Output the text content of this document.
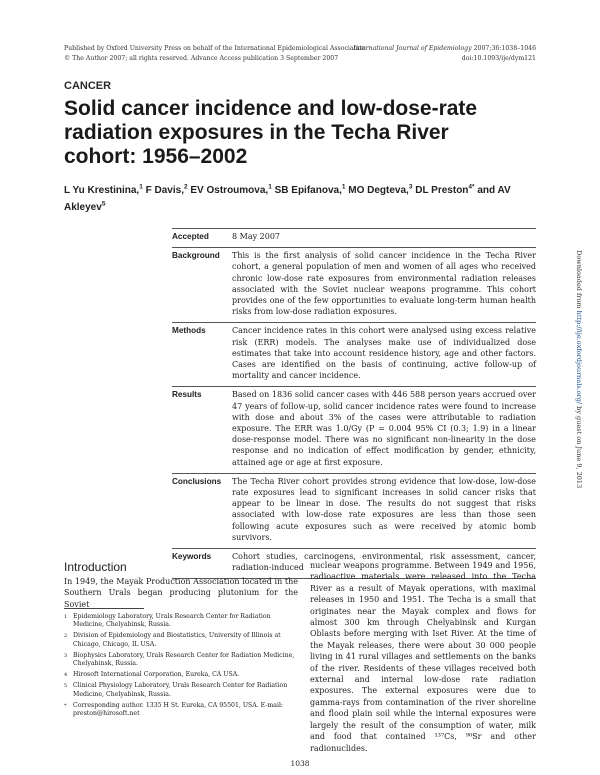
Published by Oxford University Press on behalf of the International Epidemiological Association
© The Author 2007; all rights reserved. Advance Access publication 3 September 2007
International Journal of Epidemiology 2007;36:1038–1046
doi:10.1093/ije/dym121
CANCER
Solid cancer incidence and low-dose-rate radiation exposures in the Techa River cohort: 1956–2002
L Yu Krestinina,$^1$ F Davis,$^2$ EV Ostroumova,$^1$ SB Epifanova,$^1$ MO Degteva,$^3$ DL Preston$^{4*}$ and AV Akleyev$^5$
Accepted	8 May 2007
Background	This is the first analysis of solid cancer incidence in the Techa River cohort, a general population of men and women of all ages who received chronic low-dose rate exposures from environmental radiation releases associated with the Soviet nuclear weapons programme. This cohort provides one of the few opportunities to evaluate long-term human health risks from low-dose radiation exposures.
Methods	Cancer incidence rates in this cohort were analysed using excess relative risk (ERR) models. The analyses make use of individualized dose estimates that take into account residence history, age and other factors. Cases are identified on the basis of continuing, active follow-up of mortality and cancer incidence.
Results	Based on 1836 solid cancer cases with 446 588 person years accrued over 47 years of follow-up, solid cancer incidence rates were found to increase with dose and about 3% of the cases were attributable to radiation exposure. The ERR was 1.0/Gy (P = 0.004 95% CI (0.3; 1.9) in a linear dose-response model. There was no significant non-linearity in the dose response and no indication of effect modification by gender, ethnicity, attained age or age at first exposure.
Conclusions	The Techa River cohort provides strong evidence that low-dose, low-dose rate exposures lead to significant increases in solid cancer risks that appear to be linear in dose. The results do not suggest that risks associated with low-dose rate exposures are less than those seen following acute exposures such as were received by atomic bomb survivors.
Keywords	Cohort studies, carcinogens, environmental, risk assessment, cancer, radiation-induced
Downloaded from http://ije.oxfordjournals.org/ by guest on June 9, 2013
Introduction
In 1949, the Mayak Production Association located in the Southern Urals began producing plutonium for the Soviet
1 Epidemiology Laboratory, Urals Research Center for Radiation Medicine, Chelyabinsk, Russia.
2 Division of Epidemiology and Biostatistics, University of Illinois at Chicago, Chicago, IL USA.
3 Biophysics Laboratory, Urals Research Center for Radiation Medicine, Chelyabinsk, Russia.
4 Hirosoft International Corporation, Eureka, CA USA.
5 Clinical Physiology Laboratory, Urals Research Center for Radiation Medicine, Chelyabinsk, Russia.
*	Corresponding author. 1335 H St. Eureka, CA 95501, USA. E-mail: preston@hirosoft.net
nuclear weapons programme. Between 1949 and 1956, radioactive materials were released into the Techa River as a result of Mayak operations, with maximal releases in 1950 and 1951. The Techa is a small that originates near the Mayak complex and flows for almost 300 km through Chelyabinsk and Kurgan Oblasts before merging with Iset River. At the time of the Mayak releases, there were about 30 000 people living in 41 rural villages and settlements on the banks of the river. Residents of these villages received both external and internal low-dose rate radiation exposures. The external exposures were due to gamma-rays from contamination of the river shoreline and flood plain soil while the internal exposures were largely the result of the consumption of water, milk and food that contained ¹³⁷Cs, ⁹⁰Sr and other radionuclides.
1038
